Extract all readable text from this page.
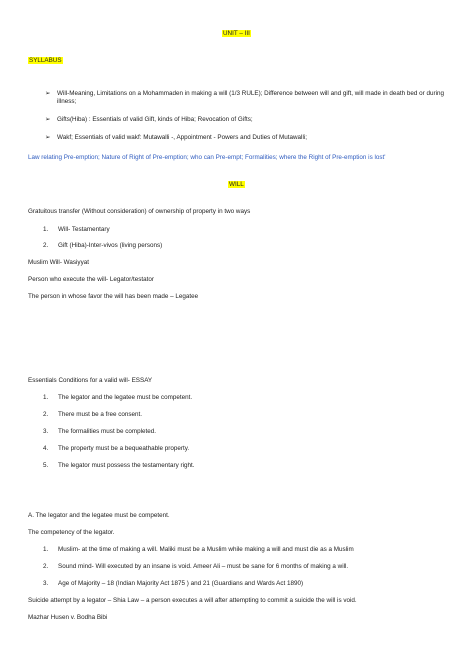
UNIT – III
SYLLABUS
➢ Will-Meaning, Limitations on a Mohammaden in making a will (1/3 RULE); Difference between will and gift, will made in death bed or during illness;
➢ Gifts(Hiba) : Essentials of valid Gift, kinds of Hiba; Revocation of Gifts;
➢ Wakf; Essentials of valid wakf: Mutawalli -, Appointment - Powers and Duties of Mutawalli;
Law relating Pre-emption; Nature of Right of Pre-emption; who can Pre-empt; Formalities; where the Right of Pre-emption is lost'
WILL
Gratuitous transfer (Without consideration) of ownership of property in two ways
1. Will- Testamentary
2. Gift (Hiba)-Inter-vivos (living persons)
Muslim Will- Wasiyyat
Person who execute the will- Legator/testator
The person in whose favor the will has been made – Legatee
Essentials Conditions for a valid will- ESSAY
1. The legator and the legatee must be competent.
2. There must be a free consent.
3. The formalities must be completed.
4. The property must be a bequeathable property.
5. The legator must possess the testamentary right.
A. The legator and the legatee must be competent.
The competency of the legator.
1. Muslim- at the time of making a will. Maliki must be a Muslim while making a will and must die as a Muslim
2. Sound mind- Will executed by an insane is void. Ameer Ali – must be sane for 6 months of making a will.
3. Age of Majority – 18 (Indian Majority Act 1875 ) and 21 (Guardians and Wards Act 1890)
Suicide attempt by a legator – Shia Law – a person executes a will after attempting to commit a suicide the will is void.
Mazhar Husen v. Bodha Bibi
